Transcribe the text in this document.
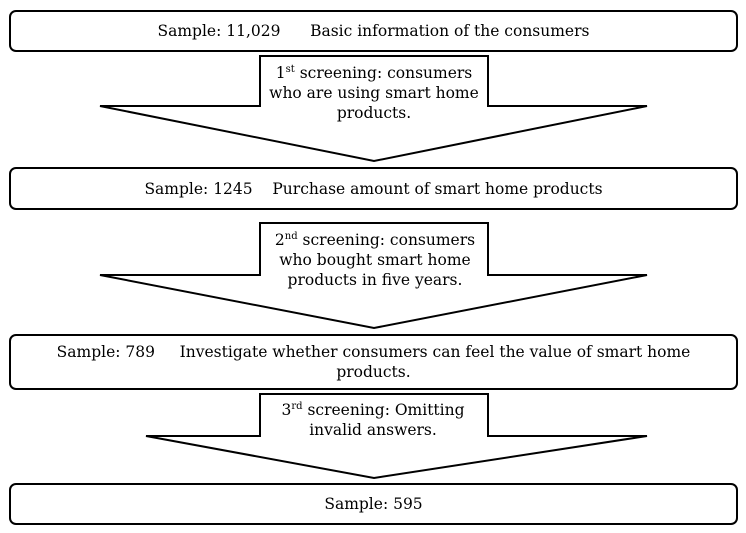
Sample: 11,029 Basic information of the consumers
1st screening: consumers who are using smart home products.
Sample: 1245 Purchase amount of smart home products
2nd screening: consumers who bought smart home products in five years.
Sample: 789 Investigate whether consumers can feel the value of smart home products.
3rd screening: Omitting invalid answers.
Sample: 595
